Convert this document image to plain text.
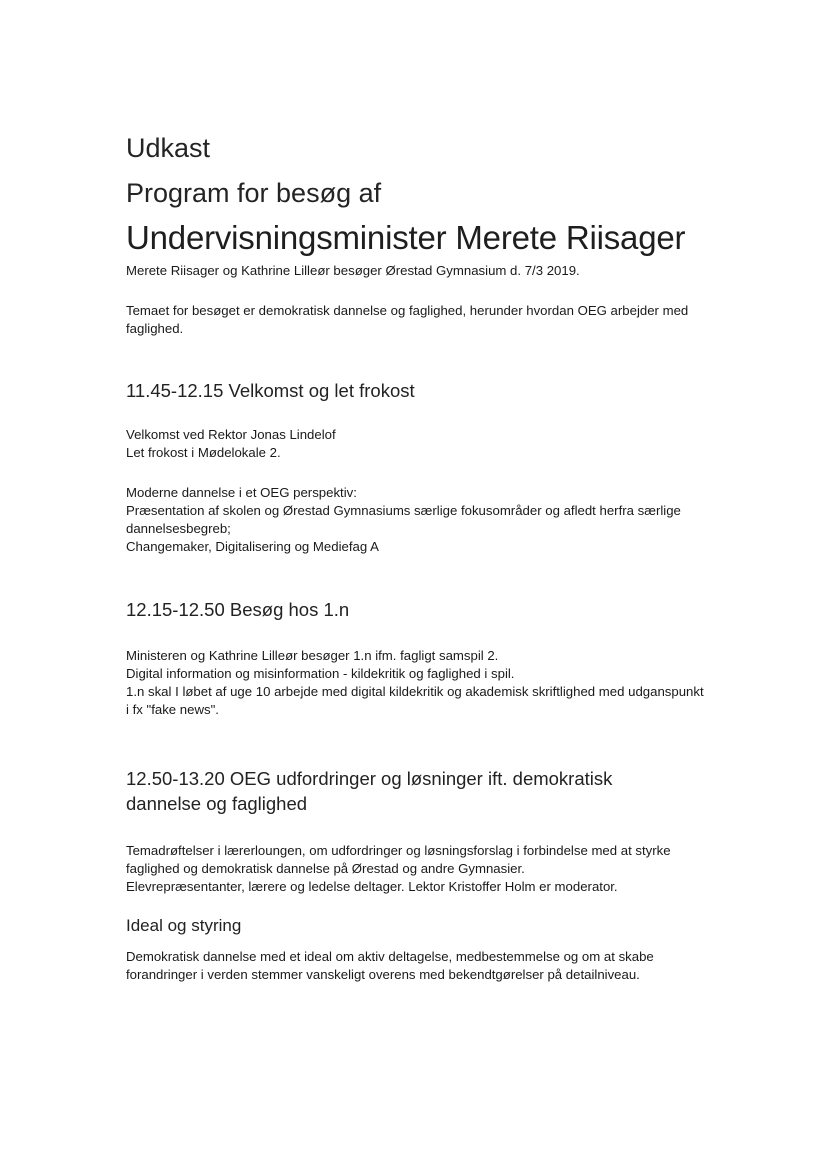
Udkast
Program for besøg af
Undervisningsminister Merete Riisager

Merete Riisager og Kathrine Lilleør besøger Ørestad Gymnasium d. 7/3 2019.

Temaet for besøget er demokratisk dannelse og faglighed, herunder hvordan OEG arbejder med faglighed.

11.45-12.15 Velkomst og let frokost
Velkomst ved Rektor Jonas Lindelof
Let frokost i Mødelokale 2.
Moderne dannelse i et OEG perspektiv:
Præsentation af skolen og Ørestad Gymnasiums særlige fokusområder og afledt herfra særlige dannelsesbegreb;
Changemaker, Digitalisering og Mediefag A
12.15-12.50 Besøg hos 1.n
Ministeren og Kathrine Lilleør besøger 1.n ifm. fagligt samspil 2.
Digital information og misinformation - kildekritik og faglighed i spil.
1.n skal I løbet af uge 10 arbejde med digital kildekritik og akademisk skriftlighed med udganspunkt i fx "fake news".
12.50-13.20 OEG udfordringer og løsninger ift. demokratisk dannelse og faglighed
Temadrøftelser i lærerloungen, om udfordringer og løsningsforslag i forbindelse med at styrke faglighed og demokratisk dannelse på Ørestad og andre Gymnasier.
Elevrepræsentanter, lærere og ledelse deltager. Lektor Kristoffer Holm er moderator.
Ideal og styring
Demokratisk dannelse med et ideal om aktiv deltagelse, medbestemmelse og om at skabe forandringer i verden stemmer vanskeligt overens med bekendtgørelser på detailniveau.
